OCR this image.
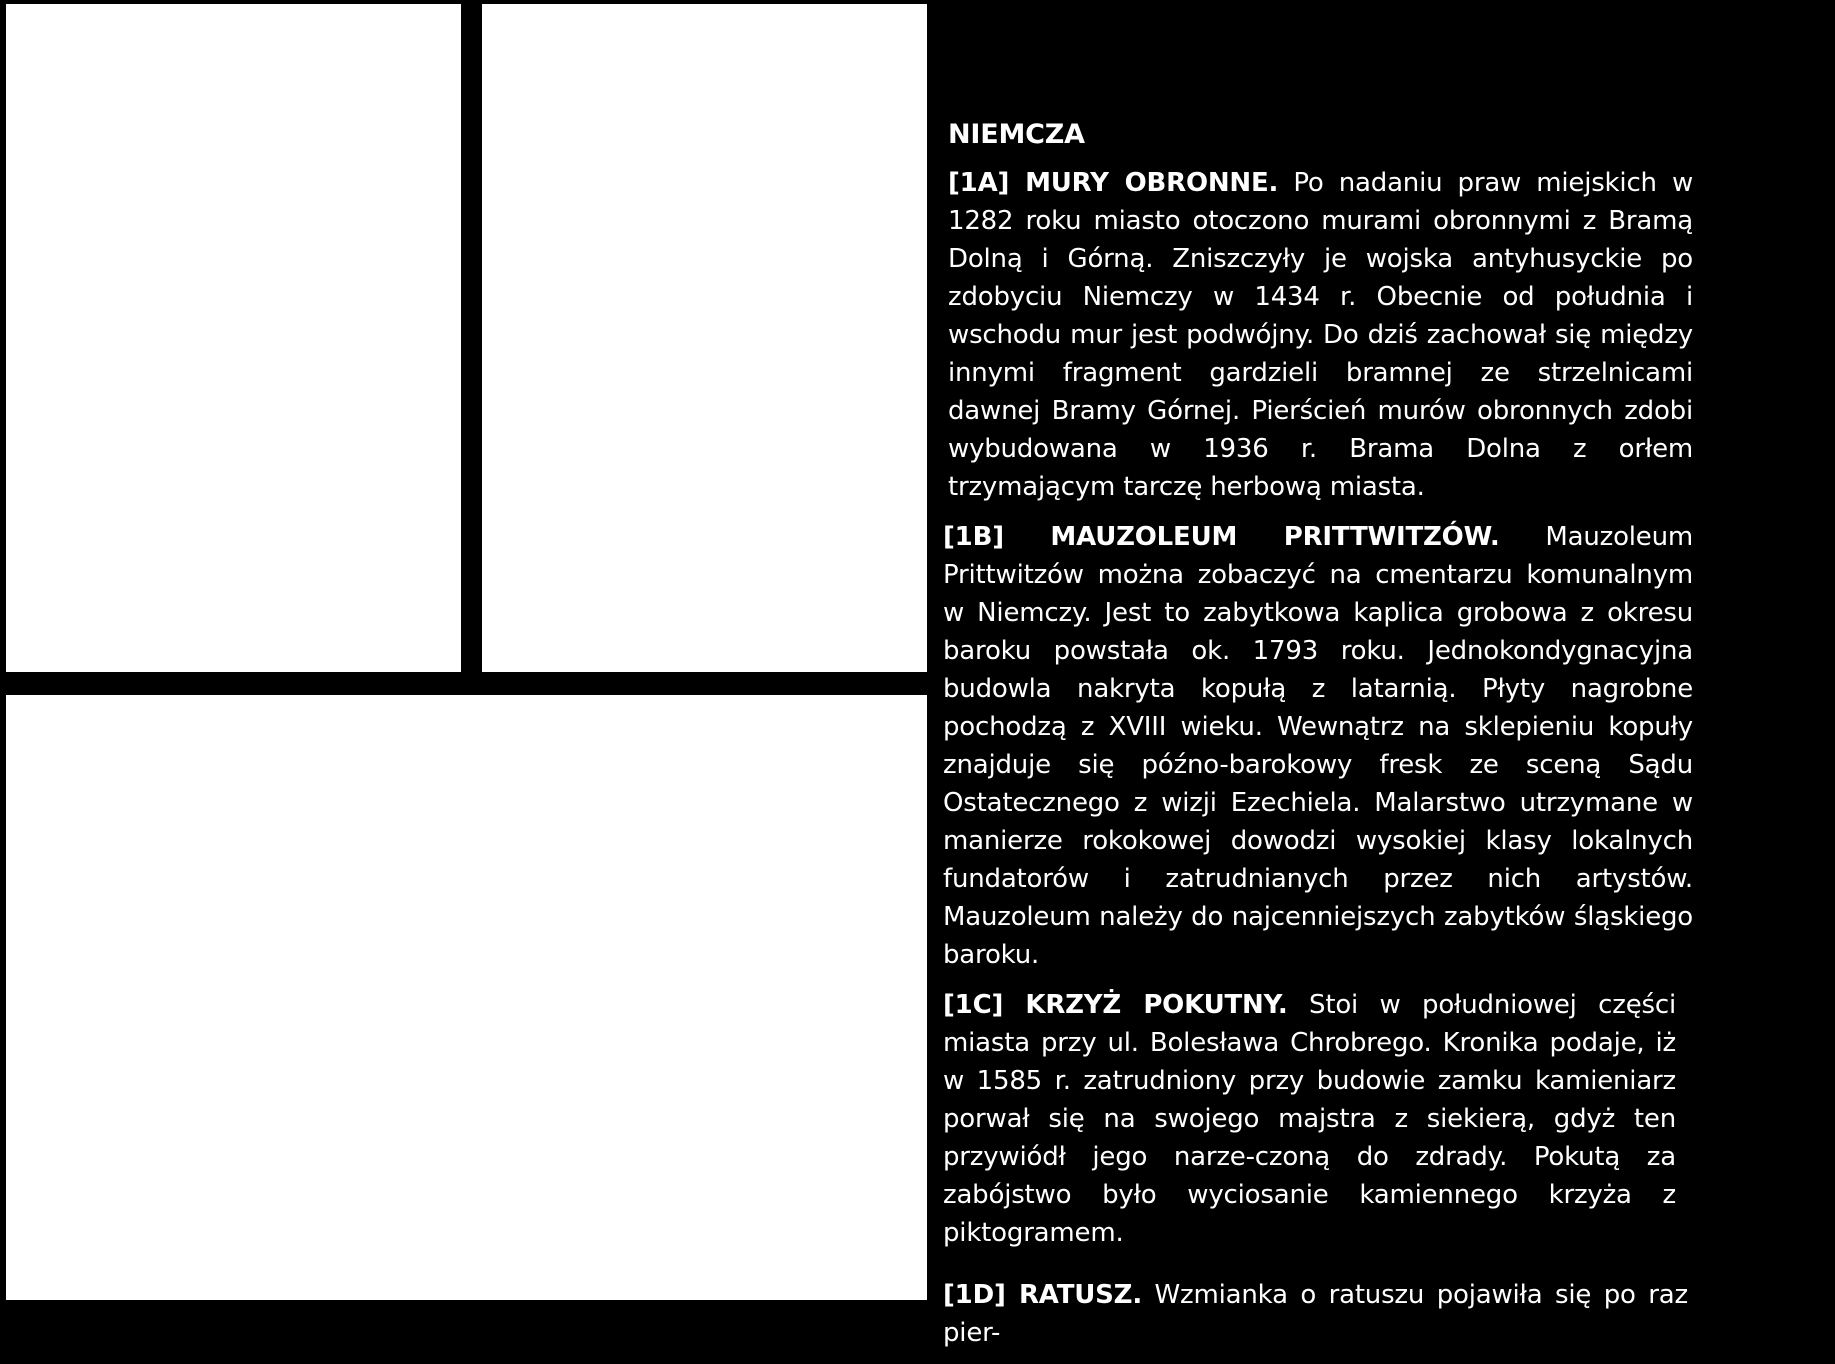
NIEMCZA

[1A] MURY OBRONNE. Po nadaniu praw miejskich w 1282 roku miasto otoczono murami obronnymi z Bramą Dolną i Górną. Zniszczyły je wojska antyhusyckie po zdobyciu Niemczy w 1434 r. Obecnie od południa i wschodu mur jest podwójny. Do dziś zachował się między innymi fragment gardzieli bramnej ze strzelnicami dawnej Bramy Górnej. Pierścień murów obronnych zdobi wybudowana w 1936 r. Brama Dolna z orłem trzymającym tarczę herbową miasta.

[1B] MAUZOLEUM PRITTWITZÓW. Mauzoleum Prittwitzów można zobaczyć na cmentarzu komunalnym w Niemczy. Jest to zabytkowa kaplica grobowa z okresu baroku powstała ok. 1793 roku. Jednokondygnacyjna budowla nakryta kopułą z latarnią. Płyty nagrobne pochodzą z XVIII wieku. Wewnątrz na sklepieniu kopuły znajduje się późno-barokowy fresk ze sceną Sądu Ostatecznego z wizji Ezechiela. Malarstwo utrzymane w manierze rokokowej dowodzi wysokiej klasy lokalnych fundatorów i zatrudnianych przez nich artystów. Mauzoleum należy do najcenniejszych zabytków śląskiego baroku.

[1C] KRZYŻ POKUTNY. Stoi w południowej części miasta przy ul. Bolesława Chrobrego. Kronika podaje, iż w 1585 r. zatrudniony przy budowie zamku kamieniarz porwał się na swojego majstra z siekierą, gdyż ten przywiódł jego narze-czoną do zdrady. Pokutą za zabójstwo było wyciosanie kamiennego krzyża z piktogramem.

[1D] RATUSZ. Wzmianka o ratuszu pojawiła się po raz pier-
